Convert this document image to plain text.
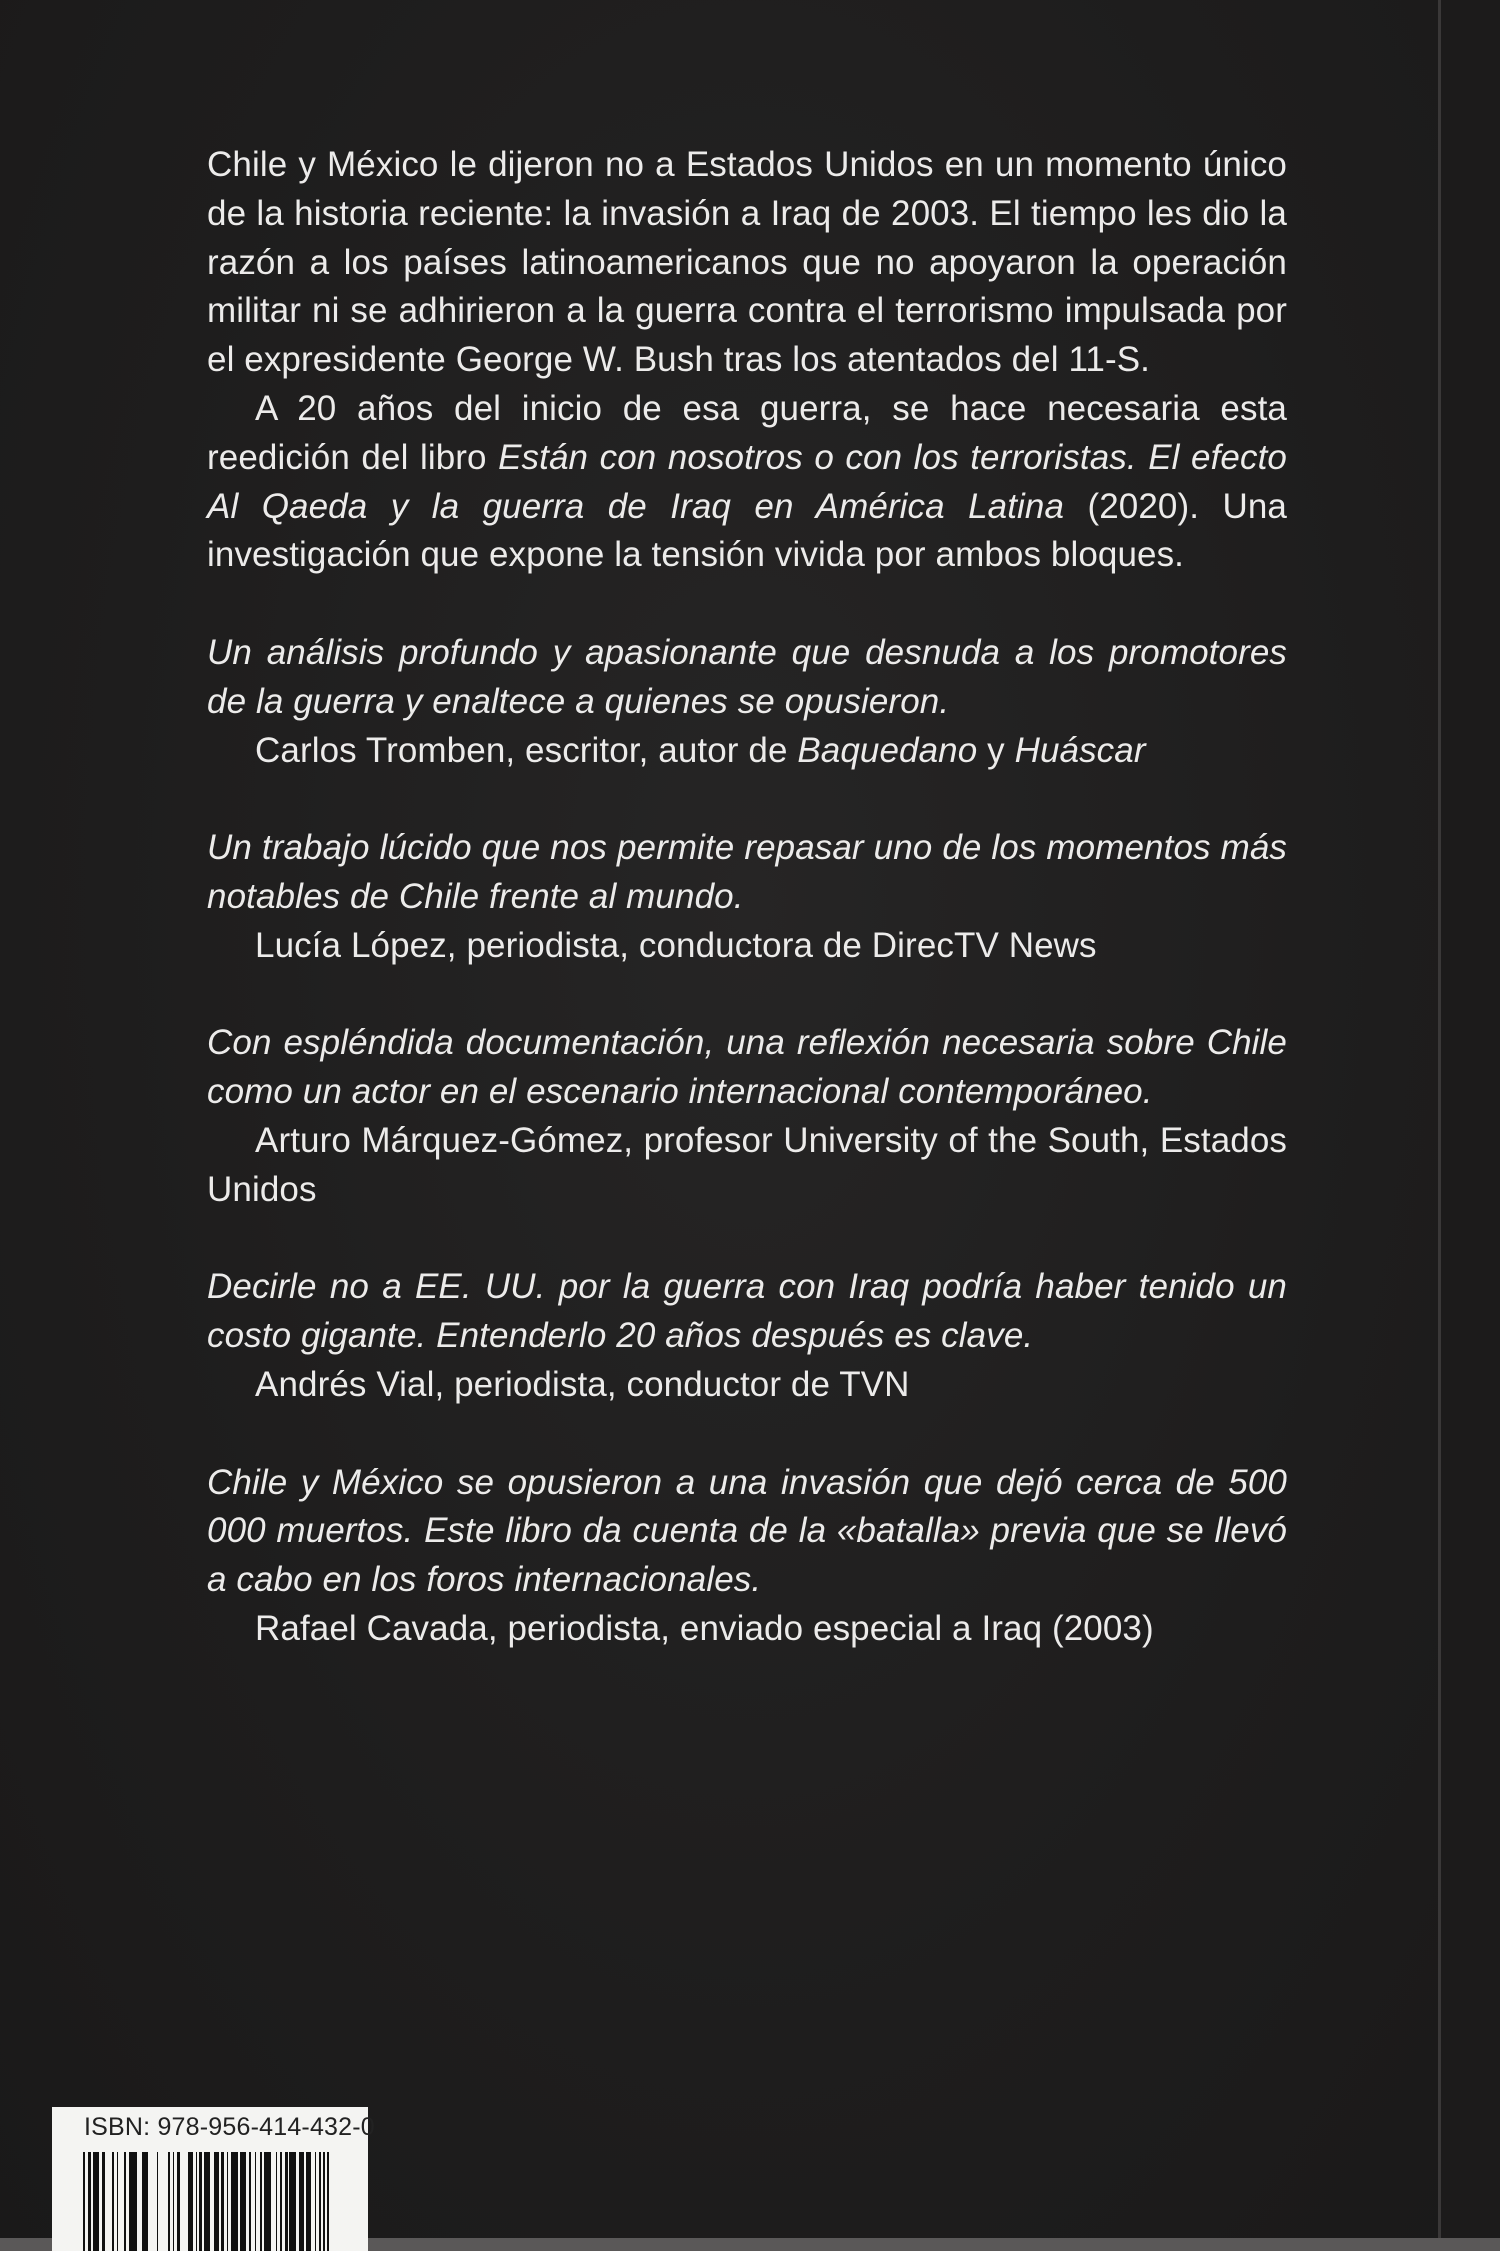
Chile y México le dijeron no a Estados Unidos en un momento único de la historia reciente: la invasión a Iraq de 2003. El tiempo les dio la razón a los países latinoamericanos que no apoyaron la operación militar ni se adhirieron a la guerra contra el terrorismo impulsada por el expresidente George W. Bush tras los atentados del 11-S.

A 20 años del inicio de esa guerra, se hace necesaria esta reedición del libro Están con nosotros o con los terroristas. El efecto Al Qaeda y la guerra de Iraq en América Latina (2020). Una investigación que expone la tensión vivida por ambos bloques.

Un análisis profundo y apasionante que desnuda a los promotores de la guerra y enaltece a quienes se opusieron.

Carlos Tromben, escritor, autor de Baquedano y Huáscar

Un trabajo lúcido que nos permite repasar uno de los momentos más notables de Chile frente al mundo.

Lucía López, periodista, conductora de DirecTV News

Con espléndida documentación, una reflexión necesaria sobre Chile como un actor en el escenario internacional contemporáneo.

Arturo Márquez-Gómez, profesor University of the South, Estados Unidos

Decirle no a EE. UU. por la guerra con Iraq podría haber tenido un costo gigante. Entenderlo 20 años después es clave.

Andrés Vial, periodista, conductor de TVN

Chile y México se opusieron a una invasión que dejó cerca de 500 000 muertos. Este libro da cuenta de la «batalla» previa que se llevó a cabo en los foros internacionales.

Rafael Cavada, periodista, enviado especial a Iraq (2003)

ISBN: 978-956-414-432-0
